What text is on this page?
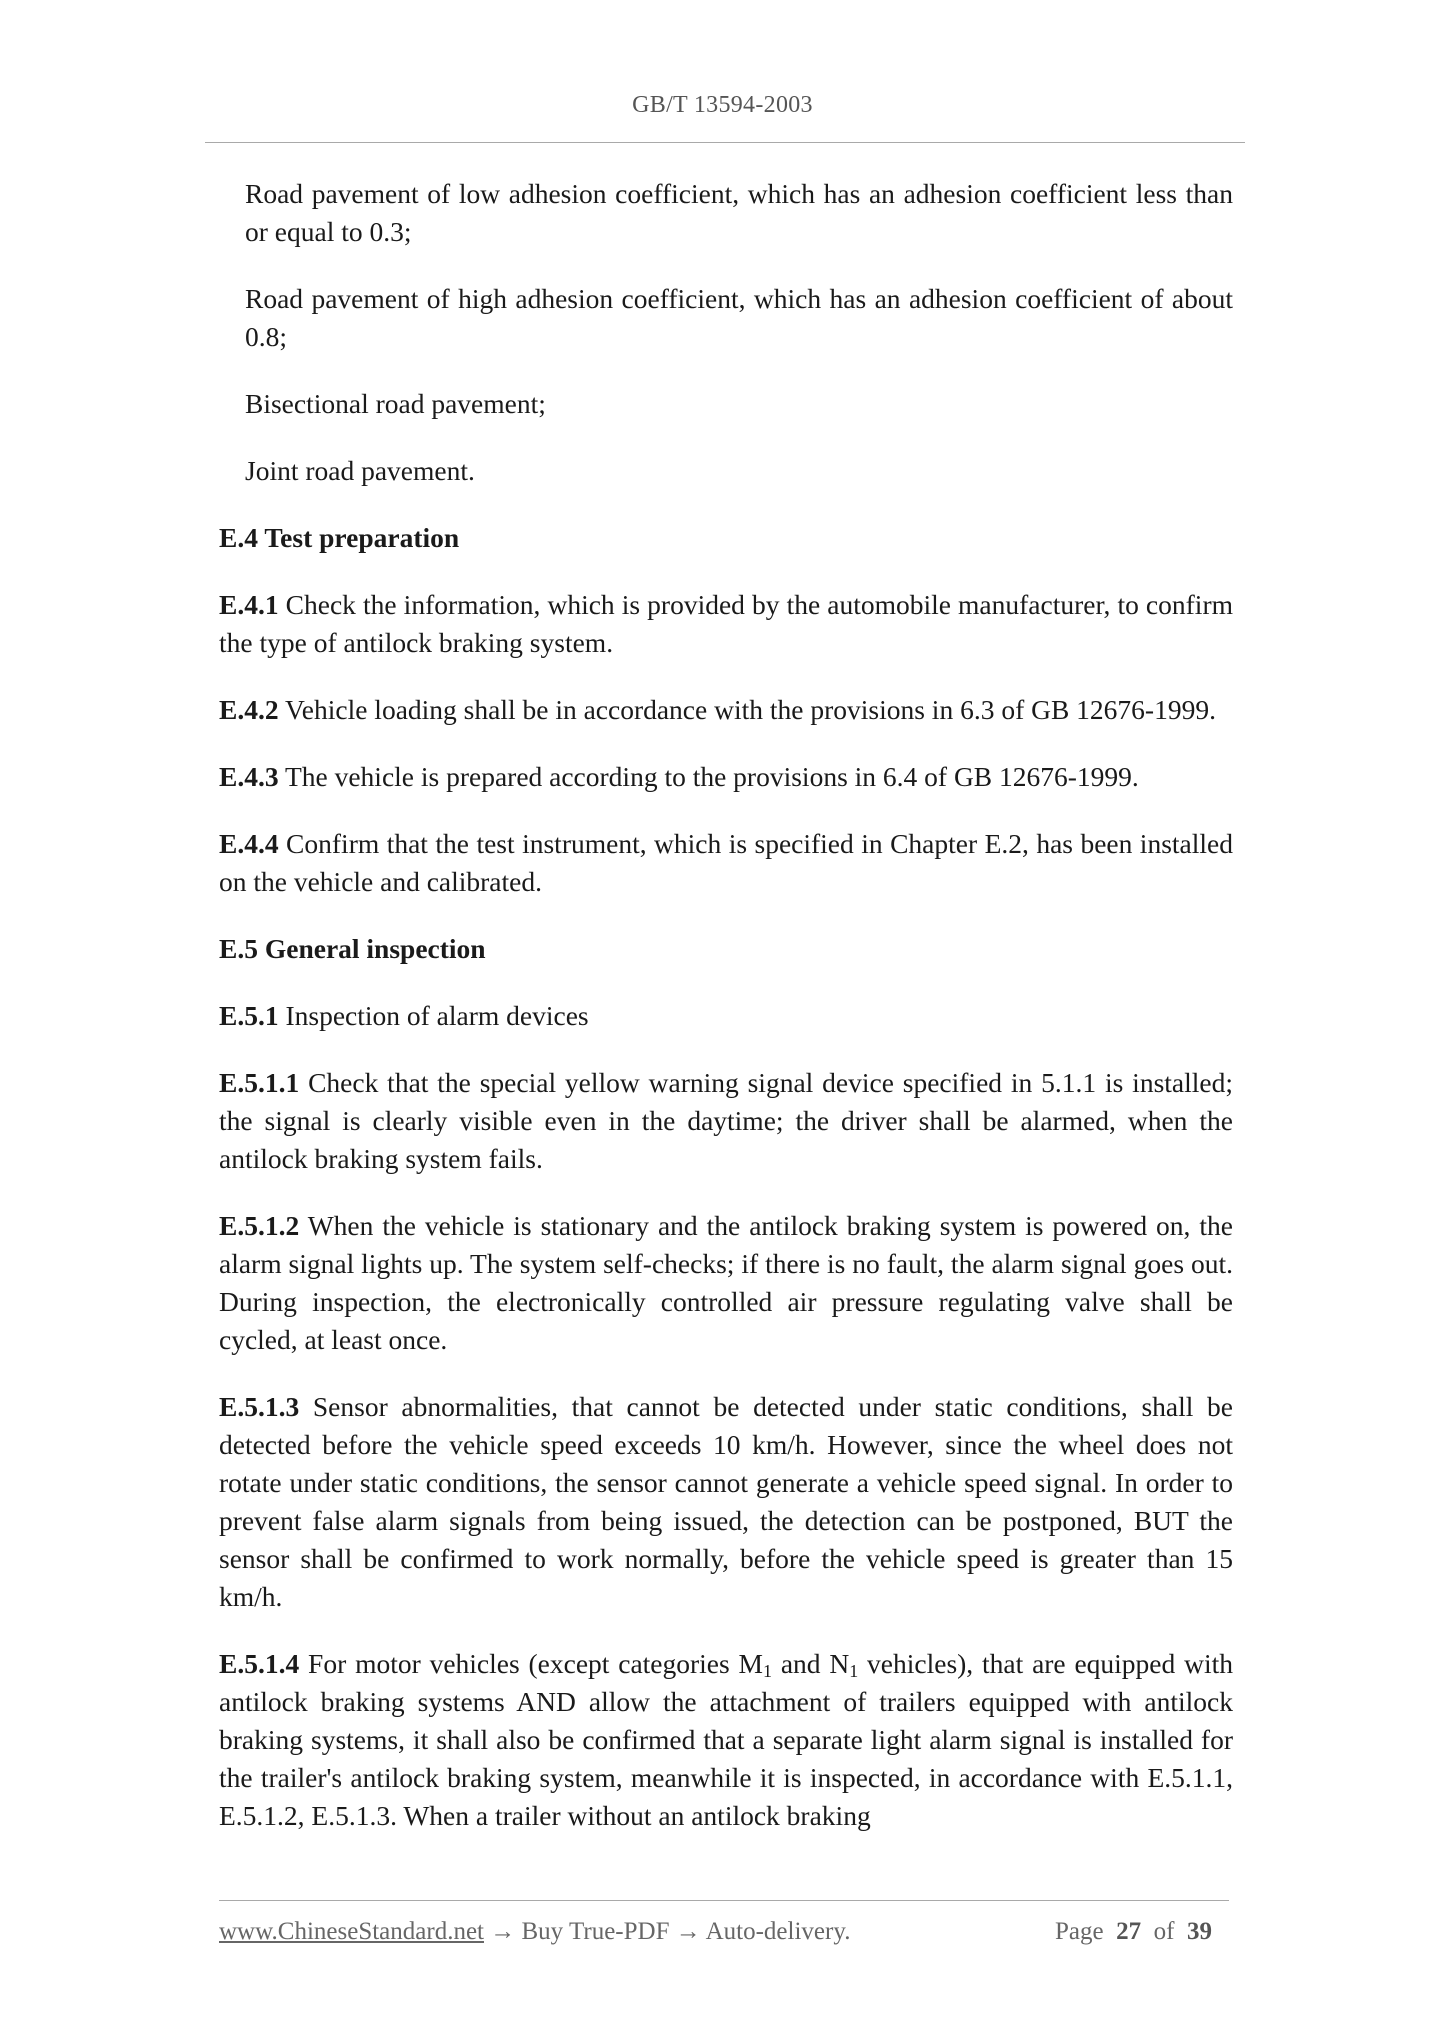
GB/T 13594-2003

Road pavement of low adhesion coefficient, which has an adhesion coefficient less than or equal to 0.3;

Road pavement of high adhesion coefficient, which has an adhesion coefficient of about 0.8;

Bisectional road pavement;

Joint road pavement.

E.4 Test preparation

E.4.1 Check the information, which is provided by the automobile manufacturer, to confirm the type of antilock braking system.

E.4.2 Vehicle loading shall be in accordance with the provisions in 6.3 of GB 12676-1999.

E.4.3 The vehicle is prepared according to the provisions in 6.4 of GB 12676-1999.

E.4.4 Confirm that the test instrument, which is specified in Chapter E.2, has been installed on the vehicle and calibrated.

E.5 General inspection

E.5.1 Inspection of alarm devices

E.5.1.1 Check that the special yellow warning signal device specified in 5.1.1 is installed; the signal is clearly visible even in the daytime; the driver shall be alarmed, when the antilock braking system fails.

E.5.1.2 When the vehicle is stationary and the antilock braking system is powered on, the alarm signal lights up. The system self-checks; if there is no fault, the alarm signal goes out. During inspection, the electronically controlled air pressure regulating valve shall be cycled, at least once.

E.5.1.3 Sensor abnormalities, that cannot be detected under static conditions, shall be detected before the vehicle speed exceeds 10 km/h. However, since the wheel does not rotate under static conditions, the sensor cannot generate a vehicle speed signal. In order to prevent false alarm signals from being issued, the detection can be postponed, BUT the sensor shall be confirmed to work normally, before the vehicle speed is greater than 15 km/h.

E.5.1.4 For motor vehicles (except categories $M_1$ and $N_1$ vehicles), that are equipped with antilock braking systems AND allow the attachment of trailers equipped with antilock braking systems, it shall also be confirmed that a separate light alarm signal is installed for the trailer's antilock braking system, meanwhile it is inspected, in accordance with E.5.1.1, E.5.1.2, E.5.1.3. When a trailer without an antilock braking

www.ChineseStandard.net → Buy True-PDF → Auto-delivery.	Page 27 of 39
